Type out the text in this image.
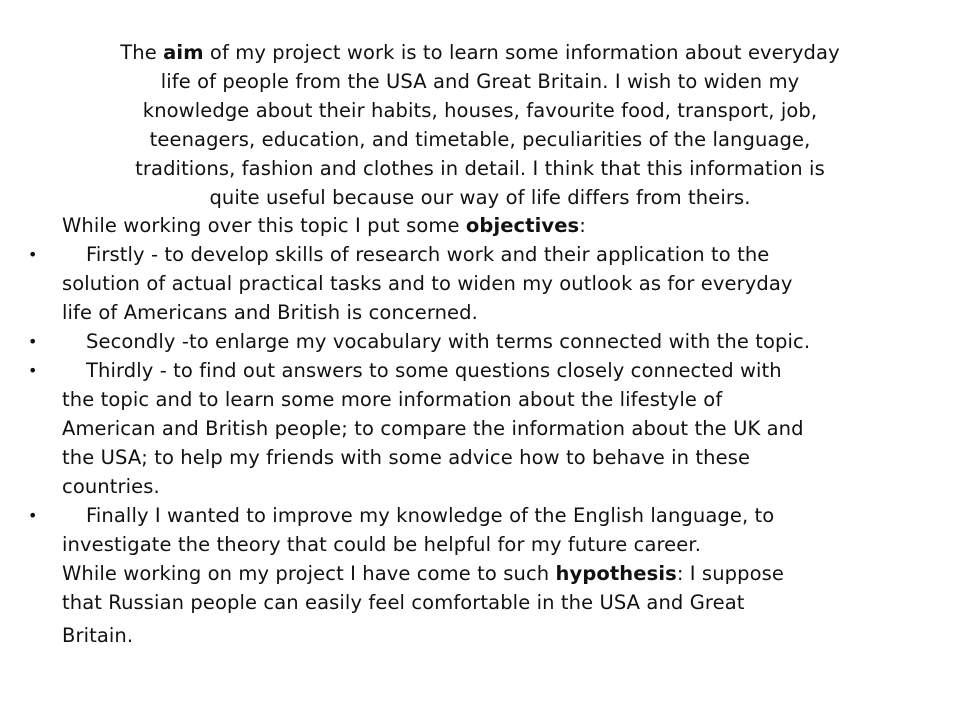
The aim of my project work is to learn some information about everyday
life of people from the USA and Great Britain. I wish to widen my
knowledge about their habits, houses, favourite food, transport, job,
teenagers, education, and timetable, peculiarities of the language,
traditions, fashion and clothes in detail. I think that this information is
quite useful because our way of life differs from theirs.
While working over this topic I put some objectives:
•	Firstly - to develop skills of research work and their application to the
solution of actual practical tasks and to widen my outlook as for everyday
life of Americans and British is concerned.
•	Secondly -to enlarge my vocabulary with terms connected with the topic.
•	Thirdly - to find out answers to some questions closely connected with
the topic and to learn some more information about the lifestyle of
American and British people; to compare the information about the UK and
the USA; to help my friends with some advice how to behave in these
countries.
•	Finally I wanted to improve my knowledge of the English language, to
investigate the theory that could be helpful for my future career.
While working on my project I have come to such hypothesis: I suppose
that Russian people can easily feel comfortable in the USA and Great
Britain.
